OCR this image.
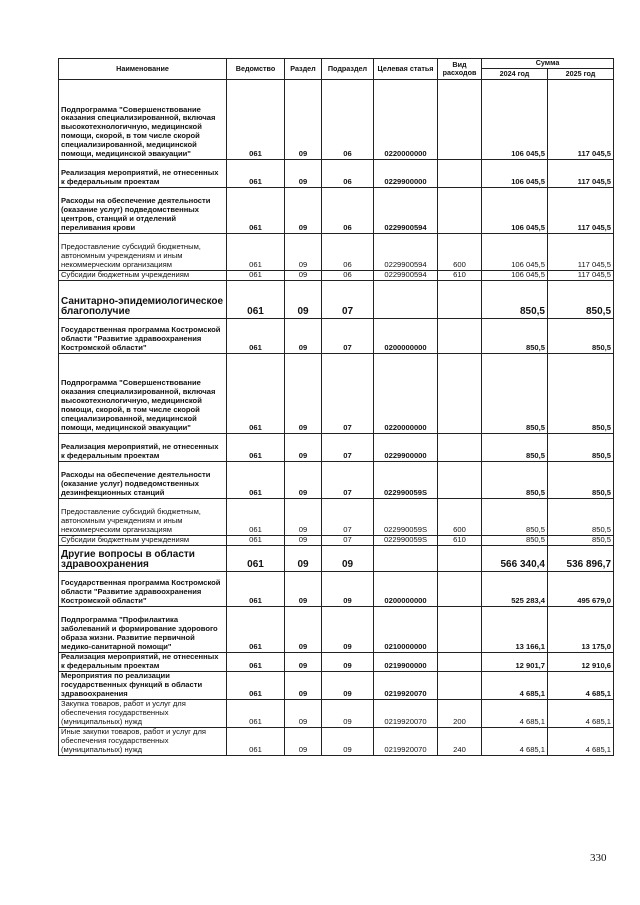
Наименование	Ведомство	Раздел	Подраздел	Целевая статья	Вид расходов	Сумма	
						2024 год	2025 год
Подпрограмма "Совершенствование оказания специализированной, включая высокотехнологичную, медицинской помощи, скорой, в том числе скорой специализированной, медицинской помощи, медицинской эвакуации"	061	09	06	0220000000		106 045,5	117 045,5
Реализация мероприятий, не отнесенных к федеральным проектам	061	09	06	0229900000		106 045,5	117 045,5
Расходы на обеспечение деятельности (оказание услуг) подведомственных центров, станций и отделений переливания крови	061	09	06	0229900594		106 045,5	117 045,5
Предоставление субсидий бюджетным, автономным учреждениям и иным некоммерческим организациям	061	09	06	0229900594	600	106 045,5	117 045,5
Субсидии бюджетным учреждениям	061	09	06	0229900594	610	106 045,5	117 045,5
Санитарно-эпидемиологическое благополучие	061	09	07			850,5	850,5
Государственная программа Костромской области "Развитие здравоохранения Костромской области"	061	09	07	0200000000		850,5	850,5
Подпрограмма "Совершенствование оказания специализированной, включая высокотехнологичную, медицинской помощи, скорой, в том числе скорой специализированной, медицинской помощи, медицинской эвакуации"	061	09	07	0220000000		850,5	850,5
Реализация мероприятий, не отнесенных к федеральным проектам	061	09	07	0229900000		850,5	850,5
Расходы на обеспечение деятельности (оказание услуг) подведомственных дезинфекционных станций	061	09	07	022990059S		850,5	850,5
Предоставление субсидий бюджетным, автономным учреждениям и иным некоммерческим организациям	061	09	07	022990059S	600	850,5	850,5
Субсидии бюджетным учреждениям	061	09	07	022990059S	610	850,5	850,5
Другие вопросы в области здравоохранения	061	09	09			566 340,4	536 896,7
Государственная программа Костромской области "Развитие здравоохранения Костромской области"	061	09	09	0200000000		525 283,4	495 679,0
Подпрограмма "Профилактика заболеваний и формирование здорового образа жизни. Развитие первичной медико-санитарной помощи"	061	09	09	0210000000		13 166,1	13 175,0
Реализация мероприятий, не отнесенных к федеральным проектам	061	09	09	0219900000		12 901,7	12 910,6
Мероприятия по реализации государственных функций в области здравоохранения	061	09	09	0219920070		4 685,1	4 685,1
Закупка товаров, работ и услуг для обеспечения государственных (муниципальных) нужд	061	09	09	0219920070	200	4 685,1	4 685,1
Иные закупки товаров, работ и услуг для обеспечения государственных (муниципальных) нужд	061	09	09	0219920070	240	4 685,1	4 685,1
330
